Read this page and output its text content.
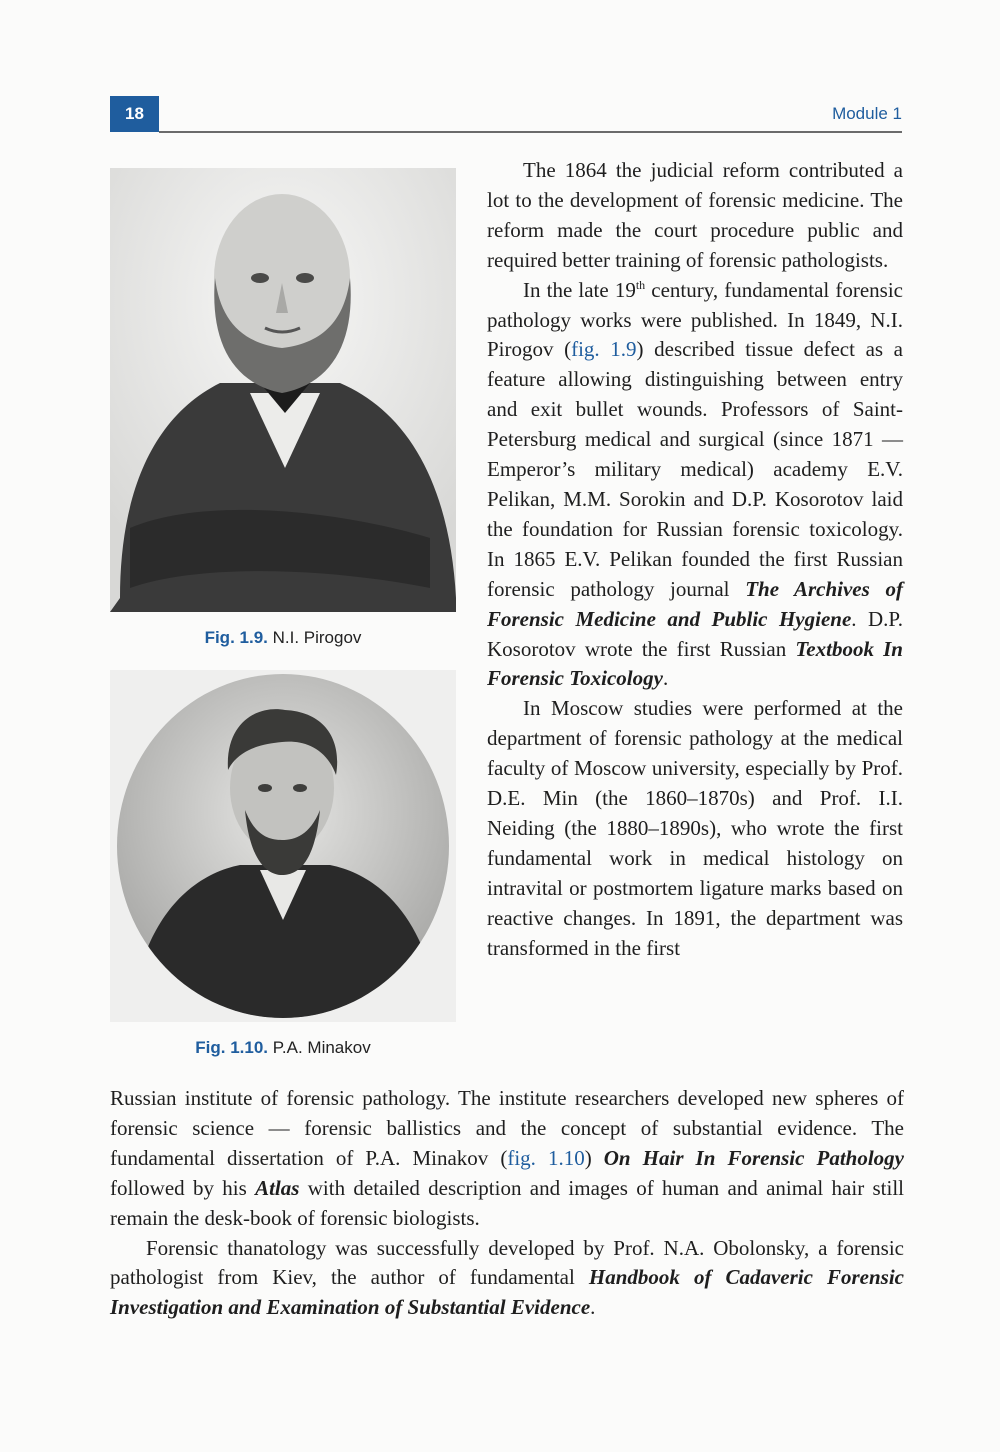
18	Module 1
Fig. 1.9. N.I. Pirogov
Fig. 1.10. P.A. Minakov

The 1864 the judicial reform contributed a lot to the development of forensic medicine. The reform made the court procedure public and required better training of forensic pathologists.

In the late 19th century, fundamental forensic pathology works were published. In 1849, N.I. Pirogov (fig. 1.9) described tissue defect as a feature allowing distinguishing between entry and exit bullet wounds. Professors of Saint-Petersburg medical and surgical (since 1871 — Emperor’s military medical) academy E.V. Pelikan, M.M. Sorokin and D.P. Kosorotov laid the foundation for Russian forensic toxicology. In 1865 E.V. Pelikan founded the first Russian forensic pathology journal The Archives of Forensic Medicine and Public Hygiene. D.P. Kosorotov wrote the first Russian Textbook In Forensic Toxicology.

In Moscow studies were performed at the department of forensic pathology at the medical faculty of Moscow university, especially by Prof. D.E. Min (the 1860–1870s) and Prof. I.I. Neiding (the 1880–1890s), who wrote the first fundamental work in medical histology on intravital or postmortem ligature marks based on reactive changes. In 1891, the department was transformed in the first

Russian institute of forensic pathology. The institute researchers developed new spheres of forensic science — forensic ballistics and the concept of substantial evidence. The fundamental dissertation of P.A. Minakov (fig. 1.10) On Hair In Forensic Pathology followed by his Atlas with detailed description and images of human and animal hair still remain the desk-book of forensic biologists.

Forensic thanatology was successfully developed by Prof. N.A. Obolonsky, a forensic pathologist from Kiev, the author of fundamental Handbook of Cadaveric Forensic Investigation and Examination of Substantial Evidence.
